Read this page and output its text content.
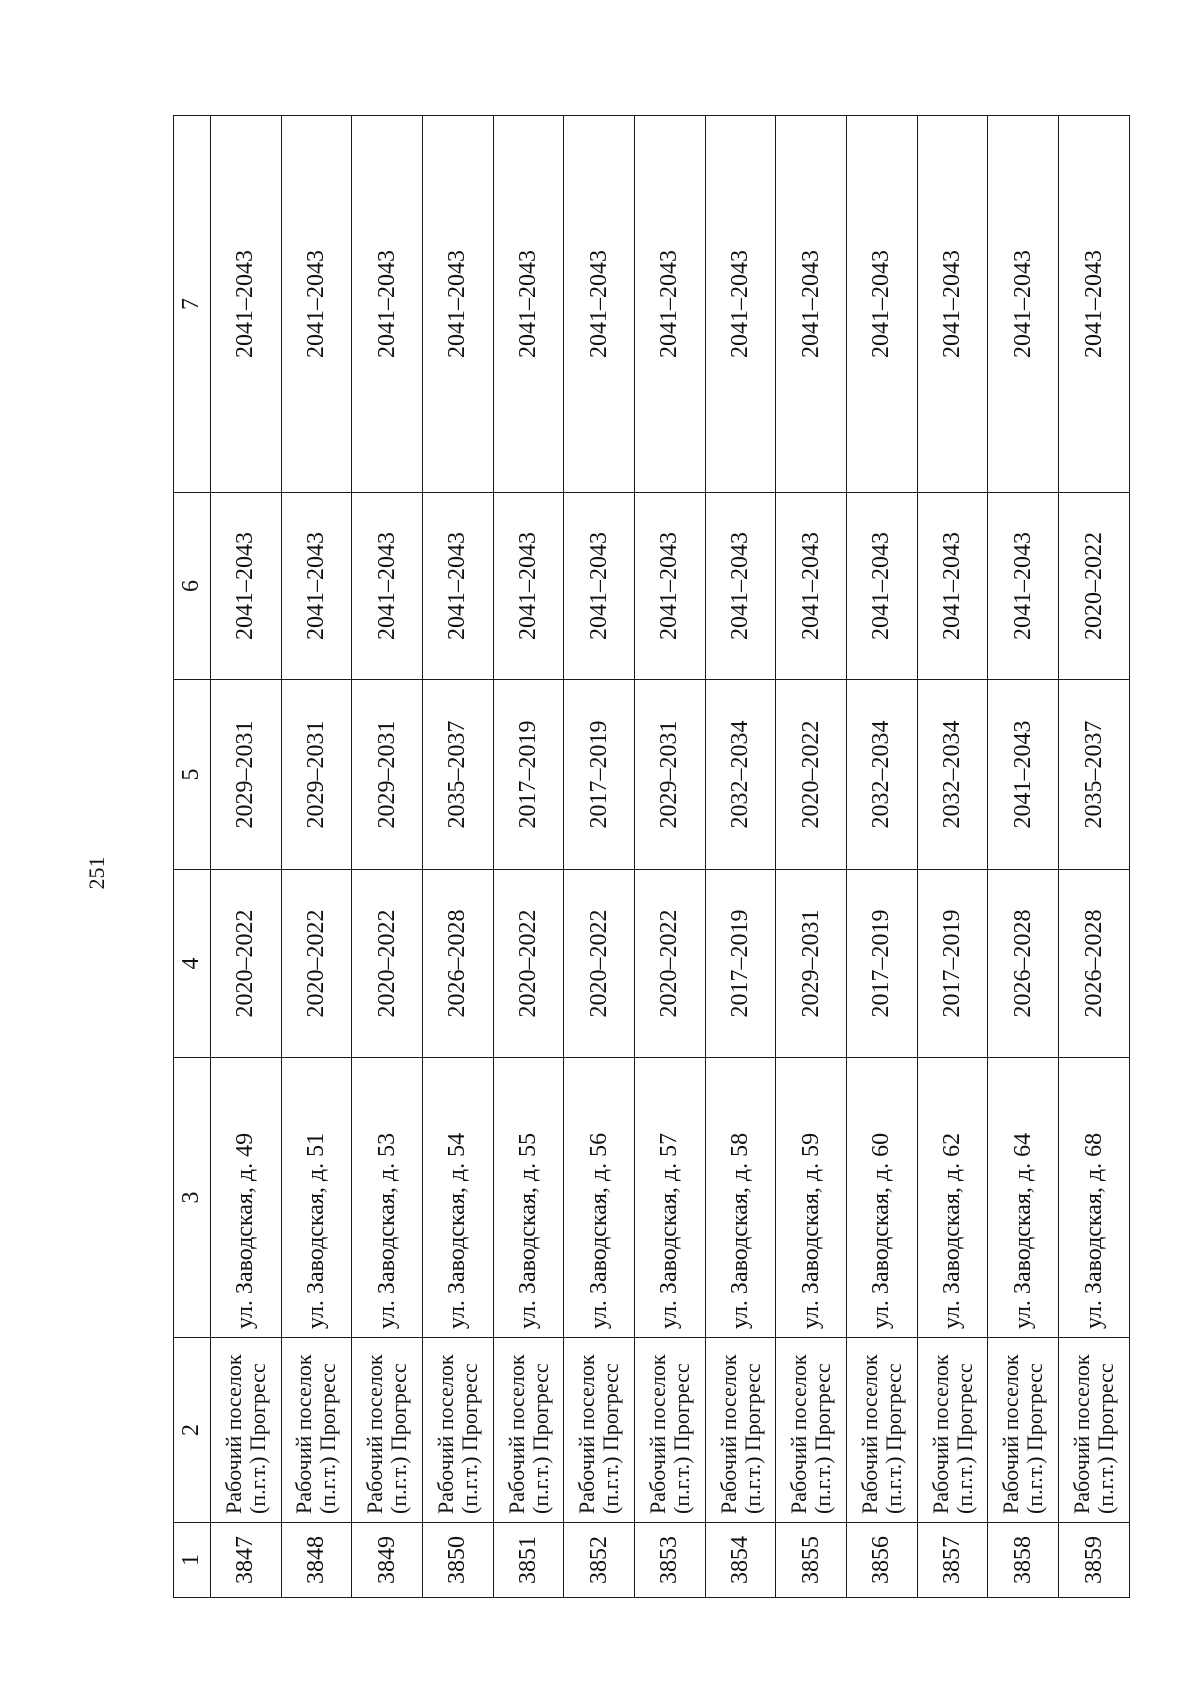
251
1	2	3	4	5	6	7
3847	Рабочий поселок (п.г.т.) Прогресс	ул. Заводская, д. 49	2020–2022	2029–2031	2041–2043	2041–2043
3848	Рабочий поселок (п.г.т.) Прогресс	ул. Заводская, д. 51	2020–2022	2029–2031	2041–2043	2041–2043
3849	Рабочий поселок (п.г.т.) Прогресс	ул. Заводская, д. 53	2020–2022	2029–2031	2041–2043	2041–2043
3850	Рабочий поселок (п.г.т.) Прогресс	ул. Заводская, д. 54	2026–2028	2035–2037	2041–2043	2041–2043
3851	Рабочий поселок (п.г.т.) Прогресс	ул. Заводская, д. 55	2020–2022	2017–2019	2041–2043	2041–2043
3852	Рабочий поселок (п.г.т.) Прогресс	ул. Заводская, д. 56	2020–2022	2017–2019	2041–2043	2041–2043
3853	Рабочий поселок (п.г.т.) Прогресс	ул. Заводская, д. 57	2020–2022	2029–2031	2041–2043	2041–2043
3854	Рабочий поселок (п.г.т.) Прогресс	ул. Заводская, д. 58	2017–2019	2032–2034	2041–2043	2041–2043
3855	Рабочий поселок (п.г.т.) Прогресс	ул. Заводская, д. 59	2029–2031	2020–2022	2041–2043	2041–2043
3856	Рабочий поселок (п.г.т.) Прогресс	ул. Заводская, д. 60	2017–2019	2032–2034	2041–2043	2041–2043
3857	Рабочий поселок (п.г.т.) Прогресс	ул. Заводская, д. 62	2017–2019	2032–2034	2041–2043	2041–2043
3858	Рабочий поселок (п.г.т.) Прогресс	ул. Заводская, д. 64	2026–2028	2041–2043	2041–2043	2041–2043
3859	Рабочий поселок (п.г.т.) Прогресс	ул. Заводская, д. 68	2026–2028	2035–2037	2020–2022	2041–2043
